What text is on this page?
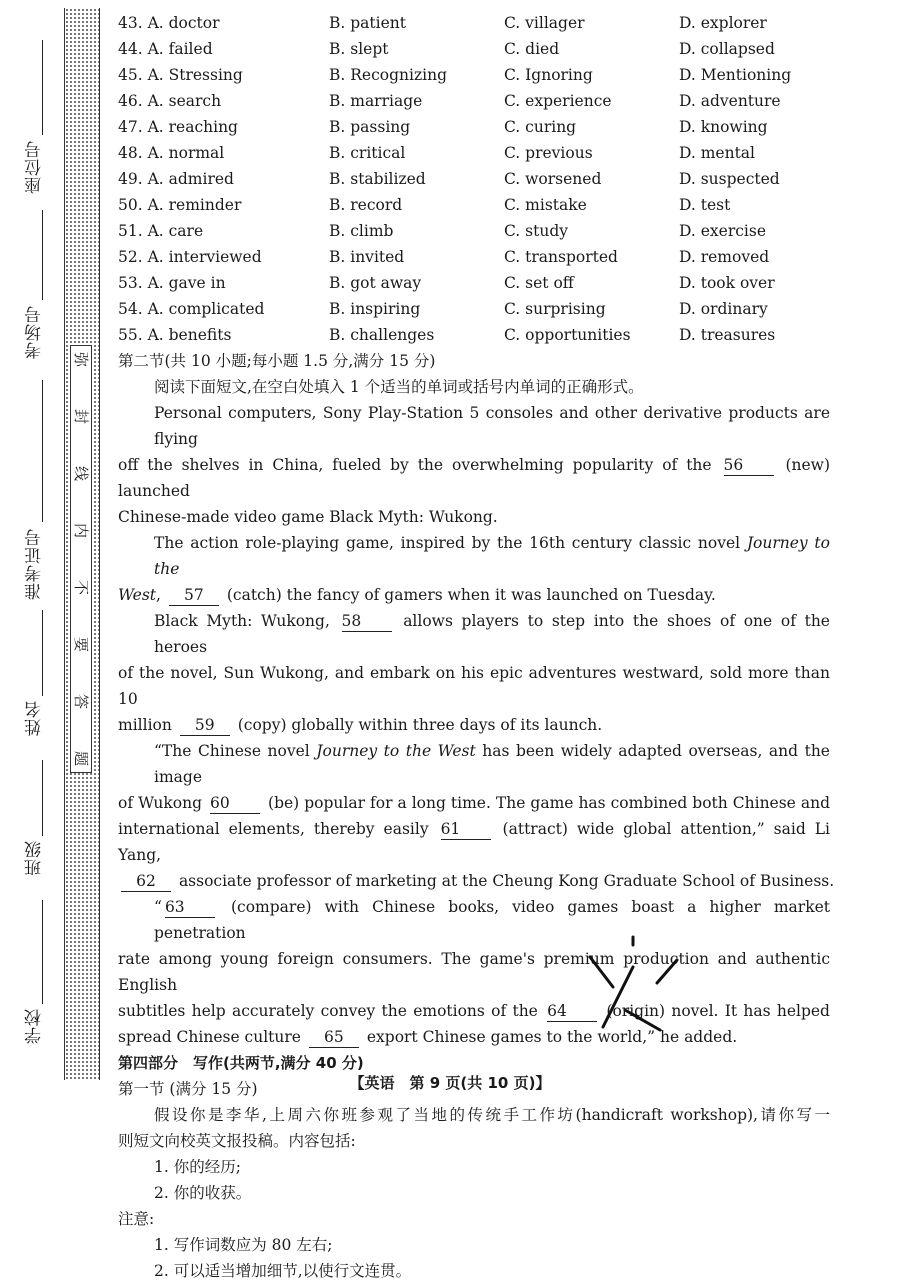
座位号
考场号
准考证号
姓名
班级
学校
弥
封
线
内
不
要
答
题
43. A. doctor	B. patient	C. villager	D. explorer
44. A. failed	B. slept	C. died	D. collapsed
45. A. Stressing	B. Recognizing	C. Ignoring	D. Mentioning
46. A. search	B. marriage	C. experience	D. adventure
47. A. reaching	B. passing	C. curing	D. knowing
48. A. normal	B. critical	C. previous	D. mental
49. A. admired	B. stabilized	C. worsened	D. suspected
50. A. reminder	B. record	C. mistake	D. test
51. A. care	B. climb	C. study	D. exercise
52. A. interviewed	B. invited	C. transported	D. removed
53. A. gave in	B. got away	C. set off	D. took over
54. A. complicated	B. inspiring	C. surprising	D. ordinary
55. A. benefits	B. challenges	C. opportunities	D. treasures
第二节(共 10 小题;每小题 1.5 分,满分 15 分)
阅读下面短文,在空白处填入 1 个适当的单词或括号内单词的正确形式。
Personal computers, Sony Play-Station 5 consoles and other derivative products are flying
off the shelves in China, fueled by the overwhelming popularity of the 56	(new) launched
Chinese-made video game Black Myth: Wukong.
The action role-playing game, inspired by the 16th century classic novel Journey to the
West, 57 (catch) the fancy of gamers when it was launched on Tuesday.
Black Myth: Wukong, 58	allows players to step into the shoes of one of the heroes
of the novel, Sun Wukong, and embark on his epic adventures westward, sold more than 10
million 59 (copy) globally within three days of its launch.
“The Chinese novel Journey to the West has been widely adapted overseas, and the image
of Wukong 60 (be) popular for a long time. The game has combined both Chinese and
international elements, thereby easily 61	(attract) wide global attention,” said Li Yang,
62 associate professor of marketing at the Cheung Kong Graduate School of Business.
“ 63	(compare) with Chinese books, video games boast a higher market penetration
rate among young foreign consumers. The game's premium production and authentic English
subtitles help accurately convey the emotions of the 64	(origin) novel. It has helped
spread Chinese culture 65 export Chinese games to the world,” he added.
第四部分　写作(共两节,满分 40 分)
第一节 (满分 15 分)
假设你是李华,上周六你班参观了当地的传统手工作坊(handicraft workshop),请你写一
则短文向校英文报投稿。内容包括:
1. 你的经历;
2. 你的收获。
注意:
1. 写作词数应为 80 左右;
2. 可以适当增加细节,以使行文连贯。
【英语　第 9 页(共 10 页)】
